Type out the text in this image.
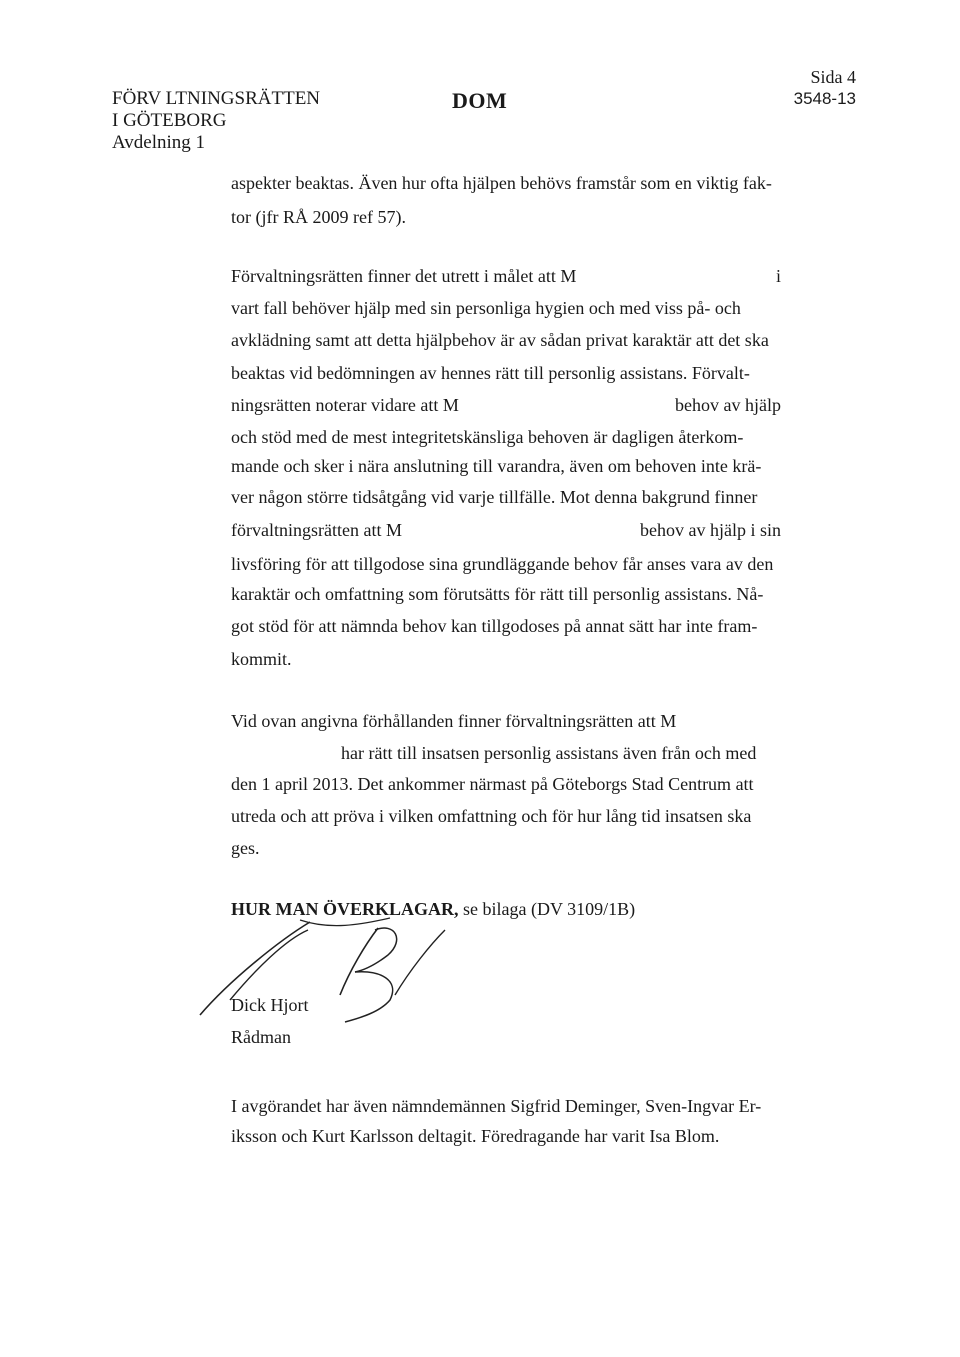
FÖRV LTNINGSRÄTTEN
I GÖTEBORG
Avdelning 1
DOM
Sida 4
3548-13
aspekter beaktas. Även hur ofta hjälpen behövs framstår som en viktig fak-
tor (jfr RÅ 2009 ref 57).
Förvaltningsrätten finner det utrett i målet att M	i
vart fall behöver hjälp med sin personliga hygien och med viss på- och
avklädning samt att detta hjälpbehov är av sådan privat karaktär att det ska
beaktas vid bedömningen av hennes rätt till personlig assistans. Förvalt-
ningsrätten noterar vidare att M	behov av hjälp
och stöd med de mest integritetskänsliga behoven är dagligen återkom-
mande och sker i nära anslutning till varandra, även om behoven inte krä-
ver någon större tidsåtgång vid varje tillfälle. Mot denna bakgrund finner
förvaltningsrätten att M	behov av hjälp i sin
livsföring för att tillgodose sina grundläggande behov får anses vara av den
karaktär och omfattning som förutsätts för rätt till personlig assistans. Nå-
got stöd för att nämnda behov kan tillgodoses på annat sätt har inte fram-
kommit.
Vid ovan angivna förhållanden finner förvaltningsrätten att M
har rätt till insatsen personlig assistans även från och med
den 1 april 2013. Det ankommer närmast på Göteborgs Stad Centrum att
utreda och att pröva i vilken omfattning och för hur lång tid insatsen ska
ges.
HUR MAN ÖVERKLAGAR, se bilaga (DV 3109/1B)
Dick Hjort
Rådman
I avgörandet har även nämndemännen Sigfrid Deminger, Sven-Ingvar Er-
iksson och Kurt Karlsson deltagit. Föredragande har varit Isa Blom.
